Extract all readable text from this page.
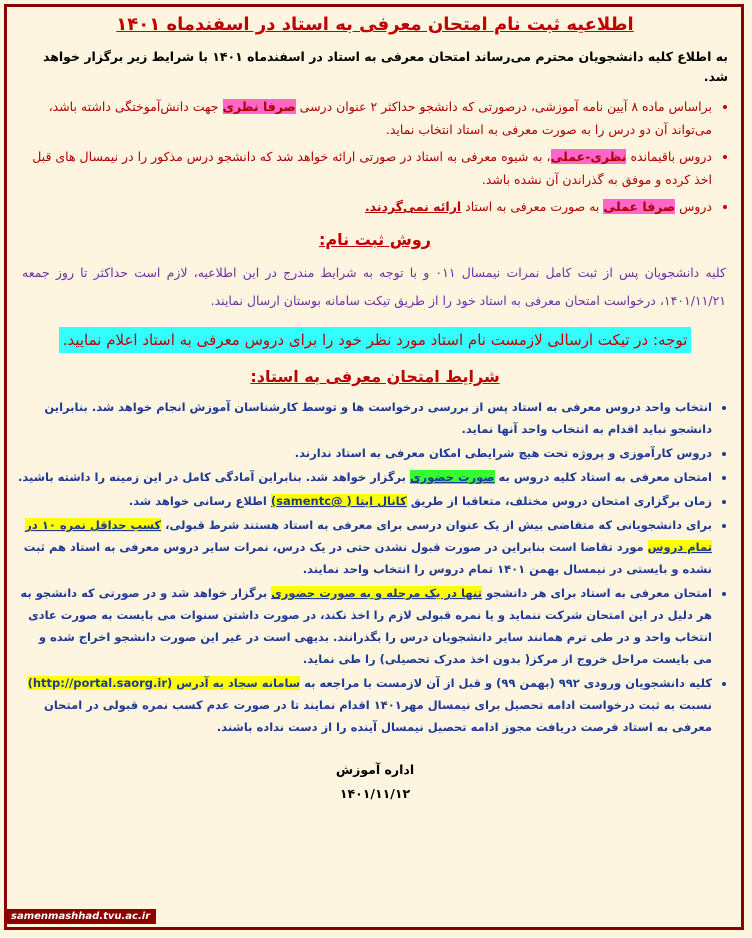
اطلاعیه ثبت نام امتحان معرفی به استاد در اسفندماه ۱۴۰۱
به اطلاع کلیه دانشجویان محترم می‌رساند امتحان معرفی به استاد در اسفندماه ۱۴۰۱ با شرایط زیر برگزار خواهد شد.
• براساس ماده ۸ آیین نامه آموزشی، درصورتی که دانشجو حداکثر ۲ عنوان درسی صرفا نظری جهت دانش‌آموختگی داشته باشد، می‌تواند آن دو درس را به صورت معرفی به استاد انتخاب نماید.
• دروس باقیمانده نظری-عملی، به شیوه معرفی به استاد در صورتی ارائه خواهد شد که دانشجو درس مذکور را در نیمسال های قبل اخذ کرده و موفق به گذراندن آن نشده باشد.
• دروس صرفا عملی به صورت معرفی به استاد ارائه نمی‌گردند.
روش ثبت نام:
کلیه دانشجویان پس از ثبت کامل نمرات نیمسال ۰۱۱ و با توجه به شرایط مندرج در این اطلاعیه، لازم است حداکثر تا روز جمعه ۱۴۰۱/۱۱/۲۱، درخواست امتحان معرفی به استاد خود را از طریق تیکت سامانه بوستان ارسال نمایند.
توجه: در تیکت ارسالی لازمست نام استاد مورد نظر خود را برای دروس معرفی به استاد اعلام نمایید.
شرایط امتحان معرفی به استاد:
• انتخاب واحد دروس معرفی به استاد پس از بررسی درخواست ها و توسط کارشناسان آموزش انجام خواهد شد. بنابراین دانشجو نباید اقدام به انتخاب واحد آنها نماید.
• دروس کارآموزی و پروژه تحت هیچ شرایطی امکان معرفی به استاد ندارند.
• امتحان معرفی به استاد کلیه دروس به صورت حضوری برگزار خواهد شد. بنابراین آمادگی کامل در این زمینه را داشته باشید.
• زمان برگزاری امتحان دروس مختلف، متعاقبا از طریق کانال ایتا ( @samentc) اطلاع رسانی خواهد شد.
• برای دانشجویانی که متقاضی بیش از یک عنوان درسی برای معرفی به استاد هستند شرط قبولی، کسب حداقل نمره ۱۰ در تمام دروس مورد تقاضا است بنابراین در صورت قبول نشدن حتی در یک درس، نمرات سایر دروس معرفی به استاد هم ثبت نشده و بایستی در نیمسال بهمن ۱۴۰۱ تمام دروس را انتخاب واحد نمایند.
• امتحان معرفی به استاد برای هر دانشجو تنها در یک مرحله و به صورت حضوری برگزار خواهد شد و در صورتی که دانشجو به هر دلیل در این امتحان شرکت ننماید و یا نمره قبولی لازم را اخذ نکند، در صورت داشتن سنوات می بایست به صورت عادی انتخاب واحد و در طی ترم همانند سایر دانشجویان درس را بگذرانند. بدیهی است در غیر این صورت دانشجو اخراج شده و می بایست مراحل خروج از مرکز( بدون اخذ مدرک تحصیلی) را طی نماید.
• کلیه دانشجویان ورودی ۹۹۲ (بهمن ۹۹) و قبل از آن لازمست با مراجعه به سامانه سجاد به آدرس (http://portal.saorg.ir) نسبت به ثبت درخواست ادامه تحصیل برای نیمسال مهر۱۴۰۱ اقدام نمایند تا در صورت عدم کسب نمره قبولی در امتحان معرفی به استاد فرصت دریافت مجوز ادامه تحصیل نیمسال آینده را از دست نداده باشند.
اداره آموزش
۱۴۰۱/۱۱/۱۲
samenmashhad.tvu.ac.ir
